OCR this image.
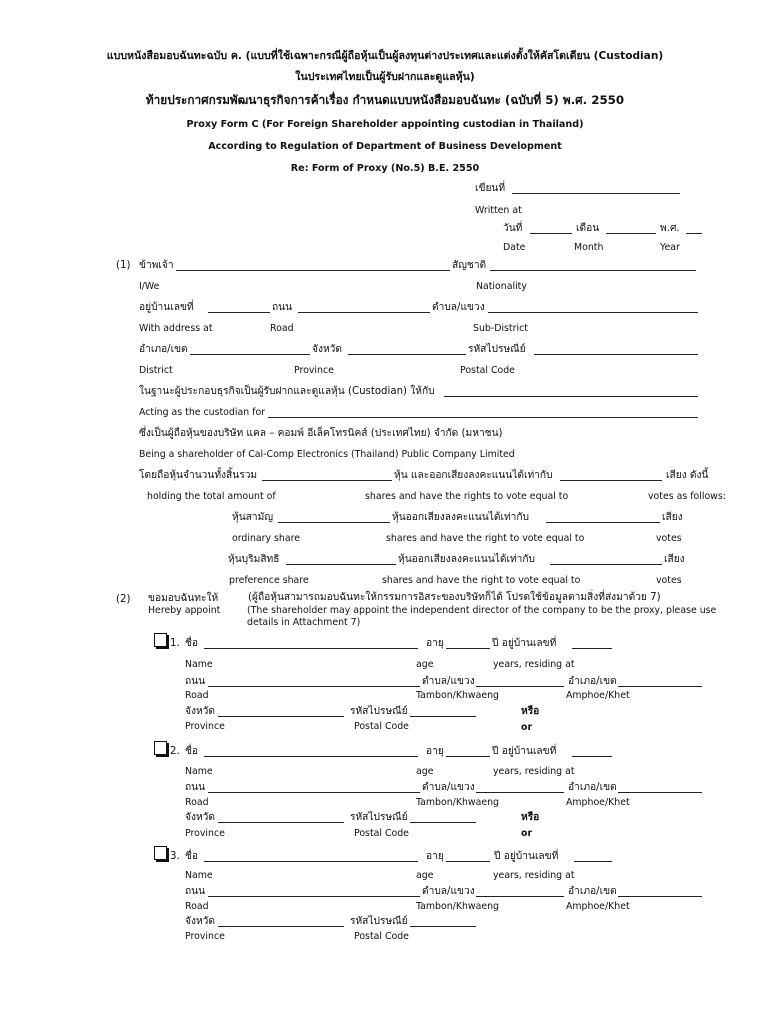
แบบหนังสือมอบฉันทะฉบับ ค. (แบบที่ใช้เฉพาะกรณีผู้ถือหุ้นเป็นผู้ลงทุนต่างประเทศและแต่งตั้งให้คัสโตเดียน (Custodian)
ในประเทศไทยเป็นผู้รับฝากและดูแลหุ้น)
ท้ายประกาศกรมพัฒนาธุรกิจการค้าเรื่อง กำหนดแบบหนังสือมอบฉันทะ (ฉบับที่ 5) พ.ศ. 2550
Proxy Form C (For Foreign Shareholder appointing custodian in Thailand)
According to Regulation of Department of Business Development
Re: Form of Proxy (No.5) B.E. 2550
เขียนที่
Written at
วันที่	เดือน	พ.ศ.
Date	Month	Year
(1) ข้าพเจ้า	สัญชาติ
I/We	Nationality
อยู่บ้านเลขที่	ถนน	ตำบล/แขวง
With address at	Road	Sub-District
อำเภอ/เขต	จังหวัด	รหัสไปรษณีย์
District	Province	Postal Code
ในฐานะผู้ประกอบธุรกิจเป็นผู้รับฝากและดูแลหุ้น (Custodian) ให้กับ
Acting as the custodian for
ซึ่งเป็นผู้ถือหุ้นของบริษัท แคล – คอมพ์ อีเล็คโทรนิคส์ (ประเทศไทย) จำกัด (มหาชน)
Being a shareholder of Cal-Comp Electronics (Thailand) Public Company Limited
โดยถือหุ้นจำนวนทั้งสิ้นรวม	หุ้น และออกเสียงลงคะแนนได้เท่ากับ	เสียง ดังนี้
holding the total amount of	shares and have the rights to vote equal to	votes as follows:
หุ้นสามัญ	หุ้นออกเสียงลงคะแนนได้เท่ากับ	เสียง
ordinary share	shares and have the right to vote equal to	votes
หุ้นบุริมสิทธิ	หุ้นออกเสียงลงคะแนนได้เท่ากับ	เสียง
preference share	shares and have the right to vote equal to	votes
(2) ขอมอบฉันทะให้	(ผู้ถือหุ้นสามารถมอบฉันทะให้กรรมการอิสระของบริษัทก็ได้ โปรดใช้ข้อมูลตามสิ่งที่ส่งมาด้วย 7)
Hereby appoint	(The shareholder may appoint the independent director of the company to be the proxy, please use
details in Attachment 7)
1. ชื่อ	อายุ	ปี อยู่บ้านเลขที่
Name	age	years, residing at
ถนน	ตำบล/แขวง	อำเภอ/เขต
Road	Tambon/Khwaeng	Amphoe/Khet
จังหวัด	รหัสไปรษณีย์	หรือ
Province	Postal Code	or
2. ชื่อ	อายุ	ปี อยู่บ้านเลขที่
Name	age	years, residing at
ถนน	ตำบล/แขวง	อำเภอ/เขต
Road	Tambon/Khwaeng	Amphoe/Khet
จังหวัด	รหัสไปรษณีย์	หรือ
Province	Postal Code	or
3. ชื่อ	อายุ	ปี อยู่บ้านเลขที่
Name	age	years, residing at
ถนน	ตำบล/แขวง	อำเภอ/เขต
Road	Tambon/Khwaeng	Amphoe/Khet
จังหวัด	รหัสไปรษณีย์
Province	Postal Code
